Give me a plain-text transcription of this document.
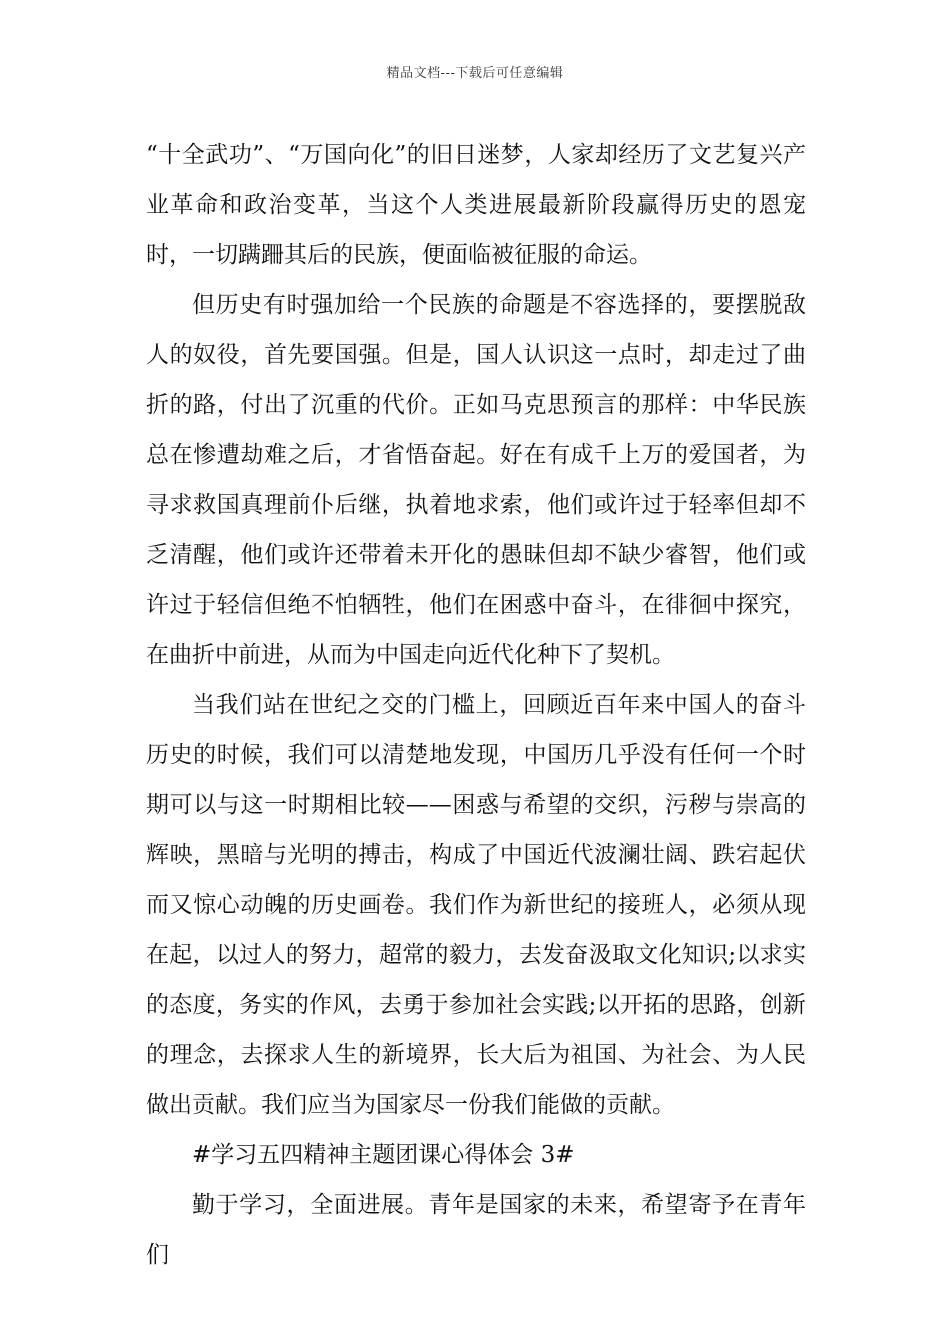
精品文档---下载后可任意编辑

“十全武功”、“万国向化”的旧日迷梦，人家却经历了文艺复兴产业革命和政治变革，当这个人类进展最新阶段赢得历史的恩宠时，一切蹒跚其后的民族，便面临被征服的命运。

但历史有时强加给一个民族的命题是不容选择的，要摆脱敌人的奴役，首先要国强。但是，国人认识这一点时，却走过了曲折的路，付出了沉重的代价。正如马克思预言的那样：中华民族总在惨遭劫难之后，才省悟奋起。好在有成千上万的爱国者，为寻求救国真理前仆后继，执着地求索，他们或许过于轻率但却不乏清醒，他们或许还带着未开化的愚昧但却不缺少睿智，他们或许过于轻信但绝不怕牺牲，他们在困惑中奋斗，在徘徊中探究，在曲折中前进，从而为中国走向近代化种下了契机。

当我们站在世纪之交的门槛上，回顾近百年来中国人的奋斗历史的时候，我们可以清楚地发现，中国历几乎没有任何一个时期可以与这一时期相比较——困惑与希望的交织，污秽与崇高的辉映，黑暗与光明的搏击，构成了中国近代波澜壮阔、跌宕起伏而又惊心动魄的历史画卷。我们作为新世纪的接班人，必须从现在起，以过人的努力，超常的毅力，去发奋汲取文化知识;以求实的态度，务实的作风，去勇于参加社会实践;以开拓的思路，创新的理念，去探求人生的新境界，长大后为祖国、为社会、为人民做出贡献。我们应当为国家尽一份我们能做的贡献。

#学习五四精神主题团课心得体会 3#

勤于学习，全面进展。青年是国家的未来，希望寄予在青年们
